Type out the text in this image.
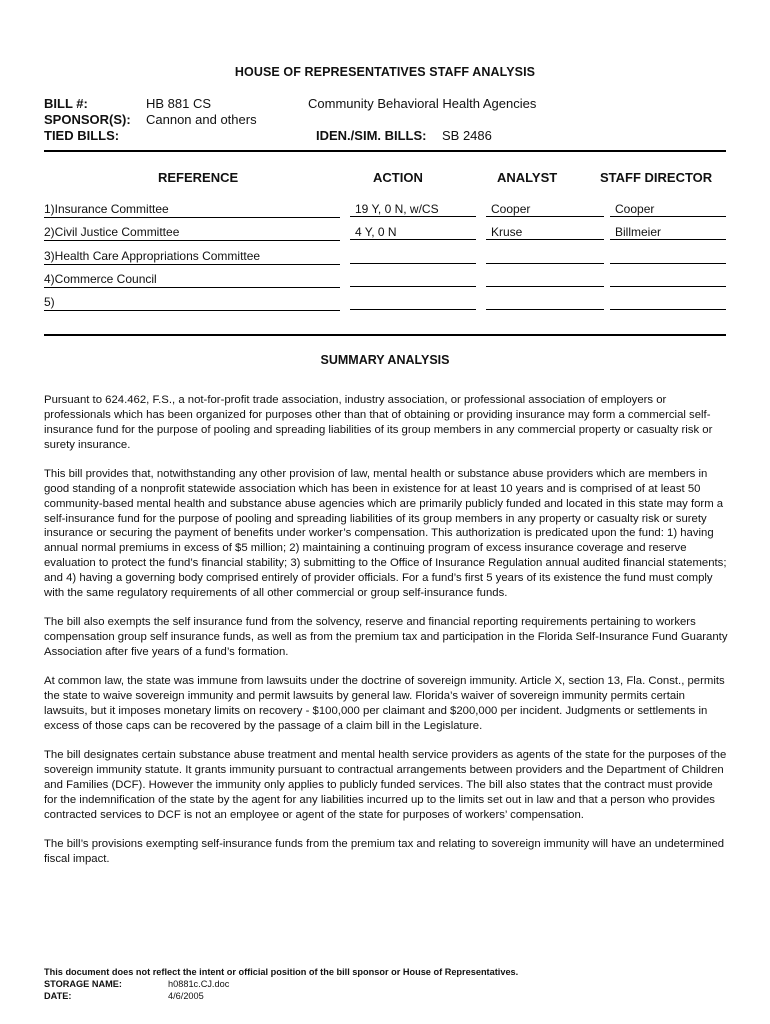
HOUSE OF REPRESENTATIVES STAFF ANALYSIS
BILL #:	HB 881 CS	Community Behavioral Health Agencies
SPONSOR(S): Cannon and others
TIED BILLS:	IDEN./SIM. BILLS: SB 2486
REFERENCE	ACTION	ANALYST	STAFF DIRECTOR
1)Insurance Committee	19 Y, 0 N, w/CS	Cooper	Cooper
2)Civil Justice Committee	4 Y, 0 N	Kruse	Billmeier
3)Health Care Appropriations Committee
4)Commerce Council
5)
SUMMARY ANALYSIS

Pursuant to 624.462, F.S., a not-for-profit trade association, industry association, or professional association of employers or professionals which has been organized for purposes other than that of obtaining or providing insurance may form a commercial self-insurance fund for the purpose of pooling and spreading liabilities of its group members in any commercial property or casualty risk or surety insurance.

This bill provides that, notwithstanding any other provision of law, mental health or substance abuse providers which are members in good standing of a nonprofit statewide association which has been in existence for at least 10 years and is comprised of at least 50 community-based mental health and substance abuse agencies which are primarily publicly funded and located in this state may form a self-insurance fund for the purpose of pooling and spreading liabilities of its group members in any property or casualty risk or surety insurance or securing the payment of benefits under worker’s compensation. This authorization is predicated upon the fund: 1) having annual normal premiums in excess of $5 million; 2) maintaining a continuing program of excess insurance coverage and reserve evaluation to protect the fund’s financial stability; 3) submitting to the Office of Insurance Regulation annual audited financial statements; and 4) having a governing body comprised entirely of provider officials. For a fund’s first 5 years of its existence the fund must comply with the same regulatory requirements of all other commercial or group self-insurance funds.

The bill also exempts the self insurance fund from the solvency, reserve and financial reporting requirements pertaining to workers compensation group self insurance funds, as well as from the premium tax and participation in the Florida Self-Insurance Fund Guaranty Association after five years of a fund’s formation.

At common law, the state was immune from lawsuits under the doctrine of sovereign immunity. Article X, section 13, Fla. Const., permits the state to waive sovereign immunity and permit lawsuits by general law. Florida’s waiver of sovereign immunity permits certain lawsuits, but it imposes monetary limits on recovery - $100,000 per claimant and $200,000 per incident. Judgments or settlements in excess of those caps can be recovered by the passage of a claim bill in the Legislature.

The bill designates certain substance abuse treatment and mental health service providers as agents of the state for the purposes of the sovereign immunity statute. It grants immunity pursuant to contractual arrangements between providers and the Department of Children and Families (DCF). However the immunity only applies to publicly funded services. The bill also states that the contract must provide for the indemnification of the state by the agent for any liabilities incurred up to the limits set out in law and that a person who provides contracted services to DCF is not an employee or agent of the state for purposes of workers’ compensation.

The bill’s provisions exempting self-insurance funds from the premium tax and relating to sovereign immunity will have an undetermined fiscal impact.

This document does not reflect the intent or official position of the bill sponsor or House of Representatives.
STORAGE NAME:	h0881c.CJ.doc
DATE:	4/6/2005
